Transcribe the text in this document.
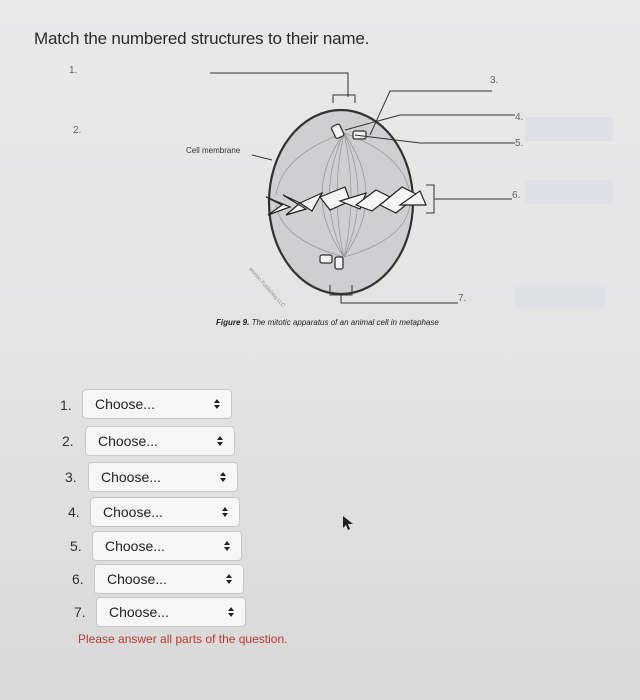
Match the numbered structures to their name.
1.
2.
3.
4.
5.
6.
7.
Cell membrane
Morton Publishing LLC
Figure 9. The mitotic apparatus of an animal cell in metaphase
1.	Choose...
2.	Choose...
3.	Choose...
4.	Choose...
5.	Choose...
6.	Choose...
7.	Choose...
Please answer all parts of the question.
